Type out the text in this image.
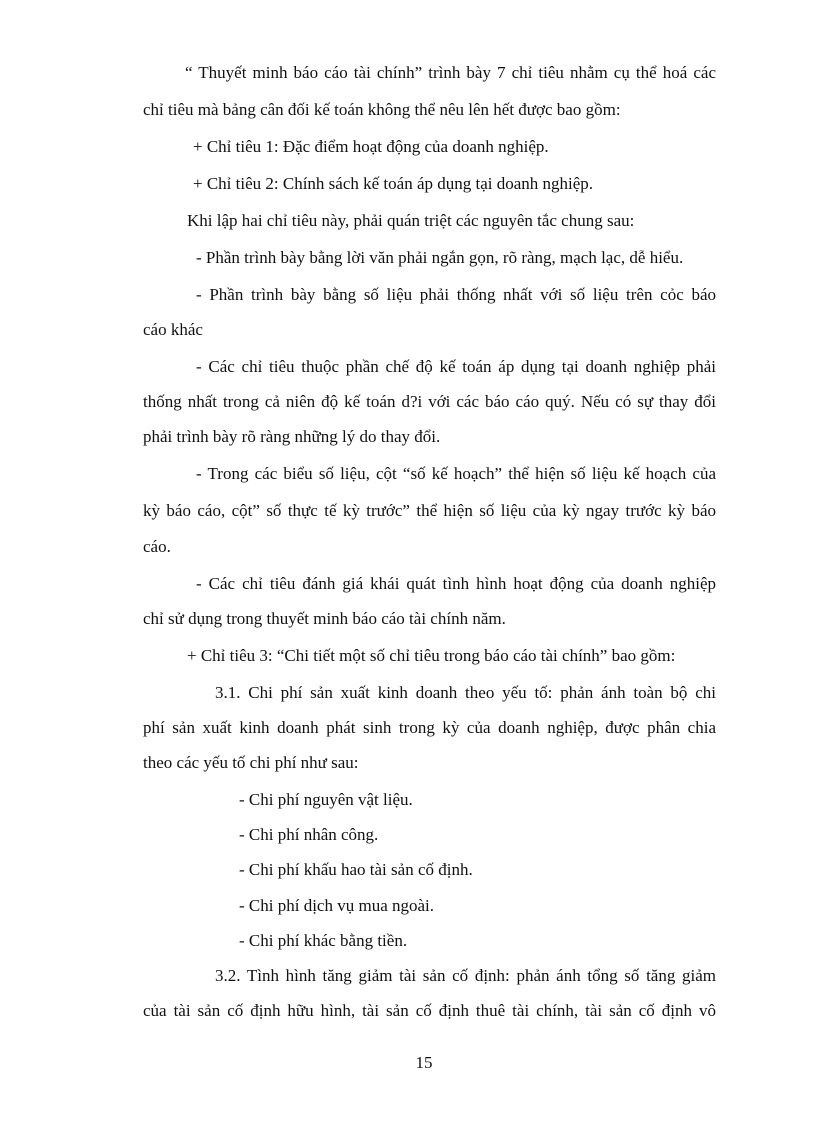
“ Thuyết minh báo cáo tài chính” trình bày 7 chỉ tiêu nhằm cụ thể hoá các
chỉ tiêu mà bảng cân đối kế toán không thể nêu lên hết được bao gồm:
+ Chỉ tiêu 1: Đặc điểm hoạt động của doanh nghiệp.
+ Chỉ tiêu 2: Chính sách kế toán áp dụng tại doanh nghiệp.
Khi lập hai chỉ tiêu này, phải quán triệt các nguyên tắc chung sau:
- Phần trình bày bằng lời văn phải ngắn gọn, rõ ràng, mạch lạc, dễ hiểu.
- Phần trình bày bằng số liệu phải thống nhất với số liệu trên cỏc báo
cáo khác
- Các chỉ tiêu thuộc phần chế độ kế toán áp dụng tại doanh nghiệp phải
thống nhất trong cả niên độ kế toán d?i với các báo cáo quý. Nếu có sự thay đổi
phải trình bày rõ ràng những lý do thay đổi.
- Trong các biểu số liệu, cột “số kế hoạch” thể hiện số liệu kế hoạch của
kỳ báo cáo, cột” số thực tế kỳ trước” thể hiện số liệu của kỳ ngay trước kỳ báo
cáo.
- Các chỉ tiêu đánh giá khái quát tình hình hoạt động của doanh nghiệp
chỉ sử dụng trong thuyết minh báo cáo tài chính năm.
+ Chỉ tiêu 3: “Chi tiết một số chỉ tiêu trong báo cáo tài chính” bao gồm:
3.1. Chi phí sản xuất kinh doanh theo yếu tố: phản ánh toàn bộ chi
phí sản xuất kinh doanh phát sinh trong kỳ của doanh nghiệp, được phân chia
theo các yếu tố chi phí như sau:
- Chi phí nguyên vật liệu.
- Chi phí nhân công.
- Chi phí khấu hao tài sản cố định.
- Chi phí dịch vụ mua ngoài.
- Chi phí khác bằng tiền.
3.2. Tình hình tăng giảm tài sản cố định: phản ánh tổng số tăng giảm
của tài sản cố định hữu hình, tài sản cố định thuê tài chính, tài sản cố định vô
15
